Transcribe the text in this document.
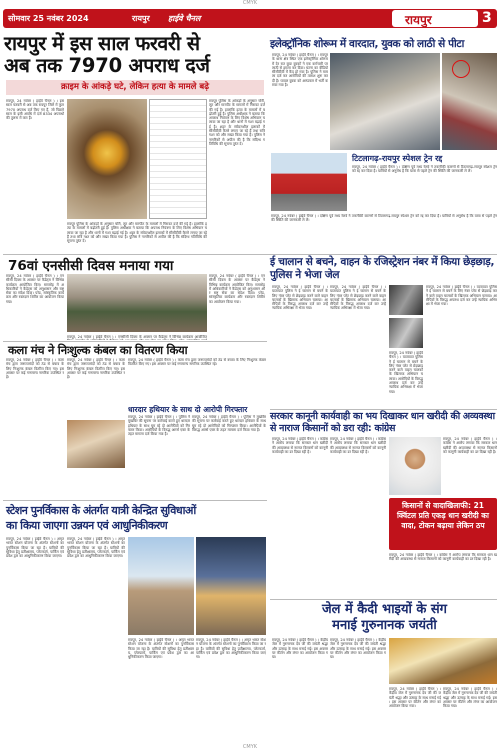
CMYK
सोमवार 25 नवंबर 2024	रायपुर हाईवे चैनल	रायपुर	3
रायपुर में इस साल फरवरी से
अब तक 7970 अपराध दर्ज
क्राइम के आंकड़े घटे, लेकिन हत्या के मामले बढ़े
रायपुर, 24 नवंबर ( हाईवे चैनल ) । इस साल फरवरी से अब तक रायपुर जिले में कुल 7970 अपराध दर्ज किए गए हैं, जो पिछले साल के इसी अवधि में दर्ज 8334 अपराधों की तुलना में कम हैं।
रायपुर पुलिस के आंकड़ों के अनुसार चोरी, लूट और मारपीट के मामलों में गिरावट दर्ज की गई है। हालांकि हत्या के मामलों में बढ़ोतरी हुई है। पुलिस अधीक्षक ने बताया कि अपराध नियंत्रण के लिए विशेष अभियान चलाया जा रहा है और थानों में गश्त बढ़ाई गई है। शहर के संवेदनशील इलाकों में सीसीटीवी कैमरे लगाए जा रहे हैं तथा रात्रि गश्त को और सख्त किया गया है। पुलिस ने नागरिकों से अपील की है कि संदिग्ध गतिविधि की सूचना तुरंत दें।
रायपुर पुलिस के आंकड़ों के अनुसार चोरी, लूट और मारपीट के मामलों में गिरावट दर्ज की गई है। हालांकि हत्या के मामलों में बढ़ोतरी हुई है। पुलिस अधीक्षक ने बताया कि अपराध नियंत्रण के लिए विशेष अभियान चलाया जा रहा है और थानों में गश्त बढ़ाई गई है। शहर के संवेदनशील इलाकों में सीसीटीवी कैमरे लगाए जा रहे हैं तथा रात्रि गश्त को और सख्त किया गया है। पुलिस ने नागरिकों से अपील की है कि संदिग्ध गतिविधि की सूचना तुरंत दें।
इलेक्ट्रॉनिक शोरूम में वारदात, युवक को लाठी से पीटा
रायपुर, 24 नवंबर ( हाईवे चैनल ) । रायपुर के थाना क्षेत्र स्थित एक इलेक्ट्रॉनिक शोरूम में देर रात कुछ युवकों ने एक कर्मचारी पर लाठी से हमला कर दिया। घटना का वीडियो सीसीटीवी में कैद हो गया है। पुलिस ने मामला दर्ज कर आरोपियों की तलाश शुरू कर दी है। घायल युवक को अस्पताल में भर्ती कराया गया है।
टिटलागढ़-रायपुर स्पेशल ट्रेन रद्द
रायपुर, 24 नवंबर ( हाईवे चैनल ) । दक्षिण पूर्व मध्य रेलवे ने तकनीकी कारणों से टिटलागढ़-रायपुर स्पेशल ट्रेन को रद्द कर दिया है। यात्रियों से अनुरोध है कि यात्रा से पहले ट्रेन की स्थिति की जानकारी ले लें।
रायपुर, 24 नवंबर ( हाईवे चैनल ) । दक्षिण पूर्व मध्य रेलवे ने तकनीकी कारणों से टिटलागढ़-रायपुर स्पेशल ट्रेन को रद्द कर दिया है। यात्रियों से अनुरोध है कि यात्रा से पहले ट्रेन की स्थिति की जानकारी ले लें।
76वां एनसीसी दिवस मनाया गया
रायपुर, 24 नवंबर ( हाईवे चैनल ) । एनसीसी दिवस के अवसर पर कैडेट्स ने विभिन्न कार्यक्रम आयोजित किए। समारोह में अधिकारियों ने कैडेट्स को अनुशासन और राष्ट्र सेवा का संदेश दिया। परेड, सांस्कृतिक कार्यक्रम और रक्तदान शिविर का आयोजन किया गया।
रायपुर, 24 नवंबर ( हाईवे चैनल ) । एनसीसी दिवस के अवसर पर कैडेट्स ने विभिन्न कार्यक्रम आयोजित किए। समारोह में अधिकारियों ने कैडेट्स को अनुशासन और राष्ट्र सेवा का संदेश दिया। परेड, सांस्कृतिक कार्यक्रम और रक्तदान शिविर का आयोजन किया गया।
रायपुर, 24 नवंबर ( हाईवे चैनल ) । एनसीसी दिवस के अवसर पर कैडेट्स ने विभिन्न कार्यक्रम आयोजित
ई चालान से बचने, वाहन के रजिस्ट्रेशन नंबर में किया छेड़छाड़, पुलिस ने भेजा जेल
रायपुर, 24 नवंबर ( हाईवे चैनल ) । यातायात पुलिस ने ई चालान से बचने के लिए नंबर प्लेट से छेड़छाड़ करने वाले वाहन चालकों के खिलाफ अभियान चलाया। आरोपियों के विरुद्ध अपराध दर्ज कर उन्हें न्यायिक अभिरक्षा में भेजा गया।
रायपुर, 24 नवंबर ( हाईवे चैनल ) । यातायात पुलिस ने ई चालान से बचने के लिए नंबर प्लेट से छेड़छाड़ करने वाले वाहन चालकों के खिलाफ अभियान चलाया। आरोपियों के विरुद्ध अपराध दर्ज कर उन्हें न्यायिक अभिरक्षा में भेजा गया।
रायपुर, 24 नवंबर ( हाईवे चैनल ) । यातायात पुलिस ने ई चालान से बचने के लिए नंबर प्लेट से छेड़छाड़ करने वाले वाहन चालकों के खिलाफ अभियान चलाया। आरोपियों के विरुद्ध अपराध दर्ज कर उन्हें न्यायिक अभिरक्षा में भेजा गया।
रायपुर, 24 नवंबर ( हाईवे चैनल ) । यातायात पुलिस ने ई चालान से बचने के लिए नंबर प्लेट से छेड़छाड़ करने वाले वाहन चालकों के खिलाफ अभियान चलाया। आरोपियों के विरुद्ध अपराध दर्ज कर उन्हें न्यायिक अभिरक्षा में भेजा गया।
कला मंच ने निःशुल्क कंबल का वितरण किया
रायपुर, 24 नवंबर ( हाईवे चैनल ) । कला मंच द्वारा जरूरतमंदों को ठंड से बचाव के लिए निःशुल्क कंबल वितरित किए गए। इस अवसर पर कई गणमान्य नागरिक उपस्थित रहे।
रायपुर, 24 नवंबर ( हाईवे चैनल ) । कला मंच द्वारा जरूरतमंदों को ठंड से बचाव के लिए निःशुल्क कंबल वितरित किए गए। इस अवसर पर कई गणमान्य नागरिक उपस्थित रहे।
धारदार हथियार के साथ दो आरोपी गिरफ्तार
रायपुर, 24 नवंबर ( हाईवे चैनल ) । पुलिस ने मुखबिर की सूचना पर कार्रवाई करते हुए धारदार हथियार के साथ घूम रहे दो आरोपियों को गिरफ्तार किया। आरोपियों के विरुद्ध आर्म्स एक्ट के तहत मामला दर्ज किया गया है।
रायपुर, 24 नवंबर ( हाईवे चैनल ) । पुलिस ने मुखबिर की सूचना पर कार्रवाई करते हुए धारदार हथियार के साथ घूम रहे दो आरोपियों को गिरफ्तार किया। आरोपियों के विरुद्ध आर्म्स एक्ट के तहत मामला दर्ज किया गया है।
रायपुर, 24 नवंबर ( हाईवे चैनल ) । कला मंच द्वारा जरूरतमंदों को ठंड से बचाव के लिए निःशुल्क कंबल वितरित किए गए। इस अवसर पर कई गणमान्य नागरिक उपस्थित रहे।
सरकार कानूनी कार्यवाही का भय दिखाकर धान खरीदी की अव्यवस्था से नाराज किसानों को डरा रही: कांग्रेस
रायपुर, 24 नवंबर ( हाईवे चैनल ) । कांग्रेस ने आरोप लगाया कि सरकार धान खरीदी की अव्यवस्था से नाराज किसानों को कानूनी कार्यवाही का डर दिखा रही है।
रायपुर, 24 नवंबर ( हाईवे चैनल ) । कांग्रेस ने आरोप लगाया कि सरकार धान खरीदी की अव्यवस्था से नाराज किसानों को कानूनी कार्यवाही का डर दिखा रही है।
रायपुर, 24 नवंबर ( हाईवे चैनल ) । कांग्रेस ने आरोप लगाया कि सरकार धान खरीदी की अव्यवस्था से नाराज किसानों को कानूनी कार्यवाही का डर दिखा रही है।
किसानों से वादाखिलाफी: 21 क्विंटल प्रति एकड़ धान खरीदी का वादा, टोकन बढ़ाया लेकिन ठप
रायपुर, 24 नवंबर ( हाईवे चैनल ) । कांग्रेस ने आरोप लगाया कि सरकार धान खरीदी की अव्यवस्था से नाराज किसानों को कानूनी कार्यवाही का डर दिखा रही है।
स्टेशन पुनर्विकास के अंतर्गत यात्री केन्द्रित सुविधाओं
का किया जाएगा उन्नयन एवं आधुनिकीकरण
रायपुर, 24 नवंबर ( हाईवे चैनल ) । अमृत भारत स्टेशन योजना के अंतर्गत स्टेशनों का पुनर्विकास किया जा रहा है। यात्रियों की सुविधा हेतु प्रतीक्षालय, प्लेटफार्म, पार्किंग एवं प्रवेश द्वार का आधुनिकीकरण किया जाएगा।
रायपुर, 24 नवंबर ( हाईवे चैनल ) । अमृत भारत स्टेशन योजना के अंतर्गत स्टेशनों का पुनर्विकास किया जा रहा है। यात्रियों की सुविधा हेतु प्रतीक्षालय, प्लेटफार्म, पार्किंग एवं प्रवेश द्वार का आधुनिकीकरण किया जाएगा।
रायपुर, 24 नवंबर ( हाईवे चैनल ) । अमृत भारत स्टेशन योजना के अंतर्गत स्टेशनों का पुनर्विकास किया जा रहा है। यात्रियों की सुविधा हेतु प्रतीक्षालय, प्लेटफार्म, पार्किंग एवं प्रवेश द्वार का आधुनिकीकरण किया जाएगा।
रायपुर, 24 नवंबर ( हाईवे चैनल ) । अमृत भारत स्टेशन योजना के अंतर्गत स्टेशनों का पुनर्विकास किया जा रहा है। यात्रियों की सुविधा हेतु प्रतीक्षालय, प्लेटफार्म, पार्किंग एवं प्रवेश द्वार का आधुनिकीकरण किया जाएगा।
जेल में कैदी भाइयों के संग
मनाई गुरुनानक जयंती
रायपुर, 24 नवंबर ( हाईवे चैनल ) । केंद्रीय जेल में गुरुनानक देव जी की जयंती श्रद्धा और उत्साह के साथ मनाई गई। इस अवसर पर कीर्तन और लंगर का आयोजन किया गया।
रायपुर, 24 नवंबर ( हाईवे चैनल ) । केंद्रीय जेल में गुरुनानक देव जी की जयंती श्रद्धा और उत्साह के साथ मनाई गई। इस अवसर पर कीर्तन और लंगर का आयोजन किया गया।
रायपुर, 24 नवंबर ( हाईवे चैनल ) । केंद्रीय जेल में गुरुनानक देव जी की जयंती श्रद्धा और उत्साह के साथ मनाई गई। इस अवसर पर कीर्तन और लंगर का आयोजन किया गया।
रायपुर, 24 नवंबर ( हाईवे चैनल ) । केंद्रीय जेल में गुरुनानक देव जी की जयंती श्रद्धा और उत्साह के साथ मनाई गई। इस अवसर पर कीर्तन और लंगर का आयोजन किया गया।
CMYK
